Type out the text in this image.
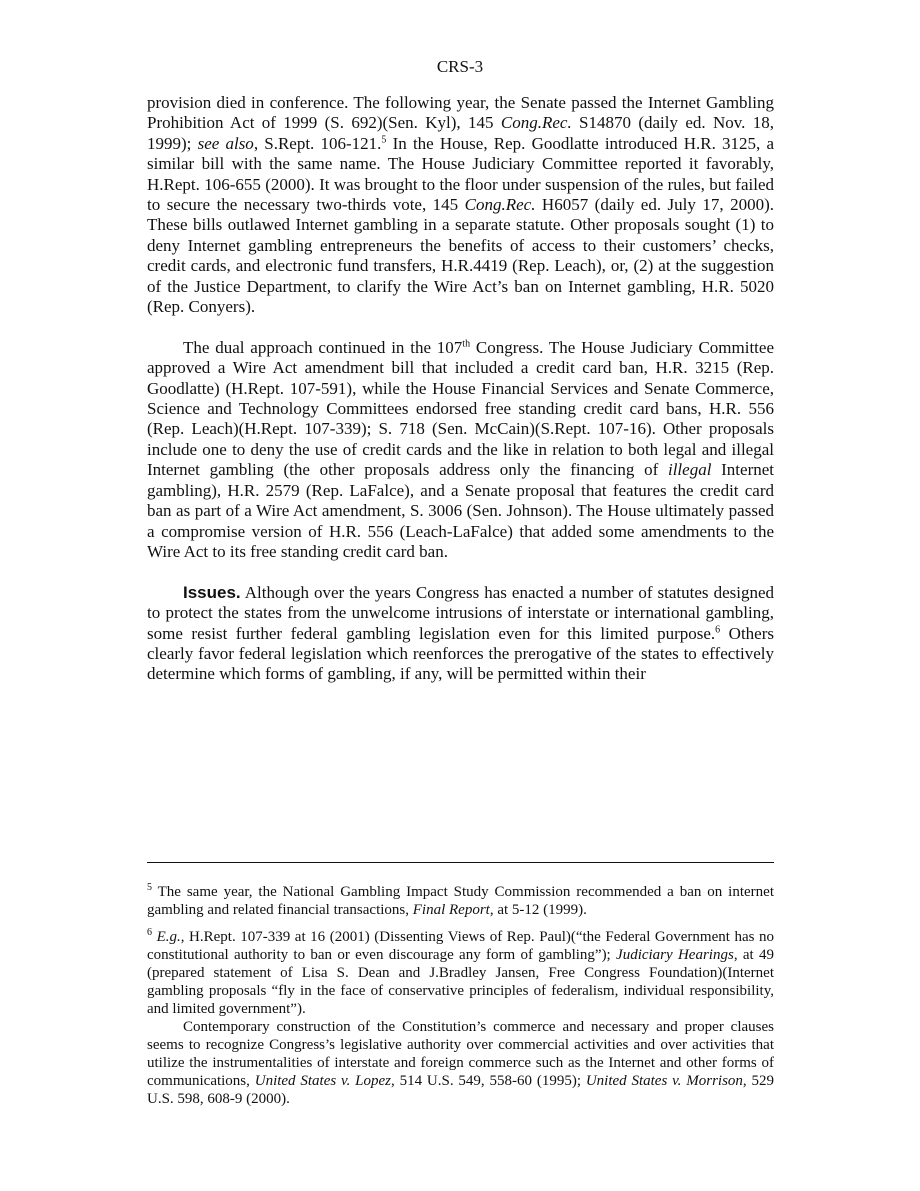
CRS-3

provision died in conference. The following year, the Senate passed the Internet Gambling Prohibition Act of 1999 (S. 692)(Sen. Kyl), 145 Cong.Rec. S14870 (daily ed. Nov. 18, 1999); see also, S.Rept. 106-121.$^5$ In the House, Rep. Goodlatte introduced H.R. 3125, a similar bill with the same name. The House Judiciary Committee reported it favorably, H.Rept. 106-655 (2000). It was brought to the floor under suspension of the rules, but failed to secure the necessary two-thirds vote, 145 Cong.Rec. H6057 (daily ed. July 17, 2000). These bills outlawed Internet gambling in a separate statute. Other proposals sought (1) to deny Internet gambling entrepreneurs the benefits of access to their customers’ checks, credit cards, and electronic fund transfers, H.R.4419 (Rep. Leach), or, (2) at the suggestion of the Justice Department, to clarify the Wire Act’s ban on Internet gambling, H.R. 5020 (Rep. Conyers).

The dual approach continued in the 107th Congress. The House Judiciary Committee approved a Wire Act amendment bill that included a credit card ban, H.R. 3215 (Rep. Goodlatte) (H.Rept. 107-591), while the House Financial Services and Senate Commerce, Science and Technology Committees endorsed free standing credit card bans, H.R. 556 (Rep. Leach)(H.Rept. 107-339); S. 718 (Sen. McCain)(S.Rept. 107-16). Other proposals include one to deny the use of credit cards and the like in relation to both legal and illegal Internet gambling (the other proposals address only the financing of illegal Internet gambling), H.R. 2579 (Rep. LaFalce), and a Senate proposal that features the credit card ban as part of a Wire Act amendment, S. 3006 (Sen. Johnson). The House ultimately passed a compromise version of H.R. 556 (Leach-LaFalce) that added some amendments to the Wire Act to its free standing credit card ban.

Issues. Although over the years Congress has enacted a number of statutes designed to protect the states from the unwelcome intrusions of interstate or international gambling, some resist further federal gambling legislation even for this limited purpose.$^6$ Others clearly favor federal legislation which reenforces the prerogative of the states to effectively determine which forms of gambling, if any, will be permitted within their

$^5$ The same year, the National Gambling Impact Study Commission recommended a ban on internet gambling and related financial transactions, Final Report, at 5-12 (1999).

$^6$ E.g., H.Rept. 107-339 at 16 (2001) (Dissenting Views of Rep. Paul)(“the Federal Government has no constitutional authority to ban or even discourage any form of gambling”); Judiciary Hearings, at 49 (prepared statement of Lisa S. Dean and J.Bradley Jansen, Free Congress Foundation)(Internet gambling proposals “fly in the face of conservative principles of federalism, individual responsibility, and limited government”).

Contemporary construction of the Constitution’s commerce and necessary and proper clauses seems to recognize Congress’s legislative authority over commercial activities and over activities that utilize the instrumentalities of interstate and foreign commerce such as the Internet and other forms of communications, United States v. Lopez, 514 U.S. 549, 558-60 (1995); United States v. Morrison, 529 U.S. 598, 608-9 (2000).
